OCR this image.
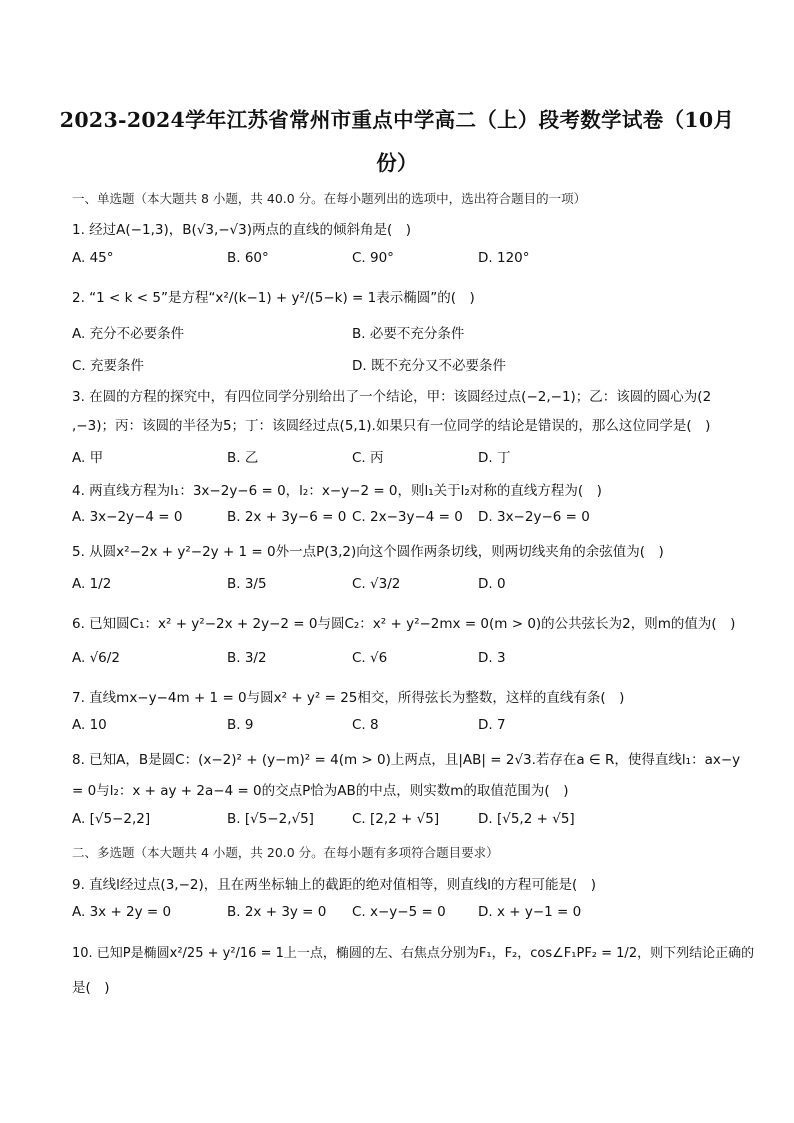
2023-2024学年江苏省常州市重点中学高二（上）段考数学试卷（10月
份）
一、单选题（本大题共 8 小题，共 40.0 分。在每小题列出的选项中，选出符合题目的一项）
1. 经过A(−1,3)，B(√3,−√3)两点的直线的倾斜角是(　)
A. 45°	B. 60°	C. 90°	D. 120°
2. “1 < k < 5”是方程“x²/(k−1) + y²/(5−k) = 1表示椭圆”的(　)
A. 充分不必要条件	B. 必要不充分条件
C. 充要条件	D. 既不充分又不必要条件
3. 在圆的方程的探究中，有四位同学分别给出了一个结论，甲：该圆经过点(−2,−1)；乙：该圆的圆心为(2
,−3)；丙：该圆的半径为5；丁：该圆经过点(5,1).如果只有一位同学的结论是错误的，那么这位同学是(　)
A. 甲	B. 乙	C. 丙	D. 丁
4. 两直线方程为l₁：3x−2y−6 = 0，l₂：x−y−2 = 0，则l₁关于l₂对称的直线方程为(　)
A. 3x−2y−4 = 0	B. 2x + 3y−6 = 0 C. 2x−3y−4 = 0 D. 3x−2y−6 = 0
5. 从圆x²−2x + y²−2y + 1 = 0外一点P(3,2)向这个圆作两条切线，则两切线夹角的余弦值为(　)
A. 1/2	B. 3/5	C. √3/2	D. 0
6. 已知圆C₁：x² + y²−2x + 2y−2 = 0与圆C₂：x² + y²−2mx = 0(m > 0)的公共弦长为2，则m的值为(　)
A. √6/2	B. 3/2	C. √6	D. 3
7. 直线mx−y−4m + 1 = 0与圆x² + y² = 25相交，所得弦长为整数，这样的直线有条(　)
A. 10	B. 9	C. 8	D. 7
8. 已知A，B是圆C：(x−2)² + (y−m)² = 4(m > 0)上两点，且|AB| = 2√3.若存在a ∈ R，使得直线l₁：ax−y
= 0与l₂：x + ay + 2a−4 = 0的交点P恰为AB的中点，则实数m的取值范围为(　)
A. [√5−2,2]	B. [√5−2,√5]	C. [2,2 + √5]	D. [√5,2 + √5]
二、多选题（本大题共 4 小题，共 20.0 分。在每小题有多项符合题目要求）
9. 直线l经过点(3,−2)，且在两坐标轴上的截距的绝对值相等，则直线l的方程可能是(　)
A. 3x + 2y = 0	B. 2x + 3y = 0 C. x−y−5 = 0 D. x + y−1 = 0
10. 已知P是椭圆x²/25 + y²/16 = 1上一点，椭圆的左、右焦点分别为F₁，F₂，cos∠F₁PF₂ = 1/2，则下列结论正确的
是(　)
